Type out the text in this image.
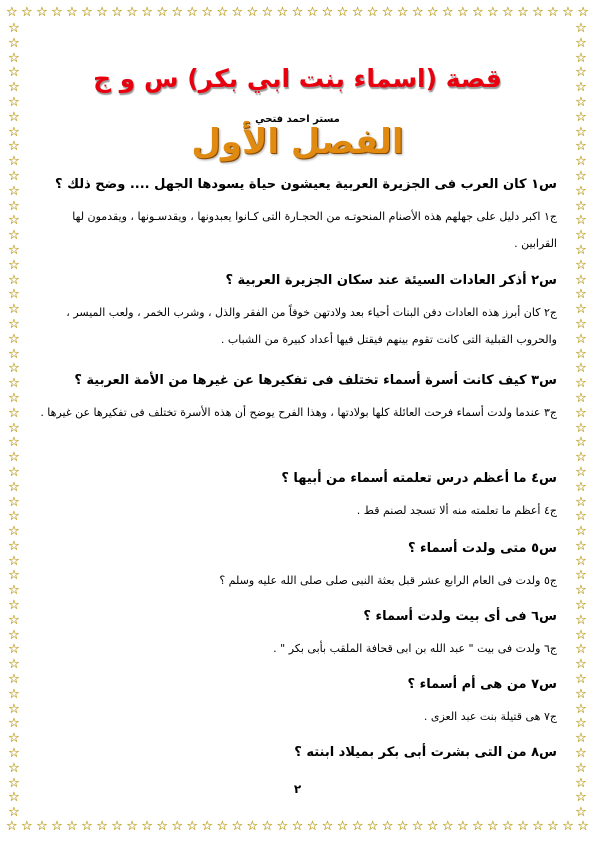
☆ ☆ ☆ ☆ ☆ ☆ ☆ ☆ ☆ ☆ ☆ ☆ ☆ ☆ ☆ ☆ ☆ ☆ ☆ ☆ ☆ ☆ ☆ ☆ ☆ ☆ ☆ ☆ ☆ ☆ ☆ ☆ ☆ ☆ ☆ ☆ ☆ ☆ ☆
☆ ☆ ☆ ☆ ☆ ☆ ☆ ☆ ☆ ☆ ☆ ☆ ☆ ☆ ☆ ☆ ☆ ☆ ☆ ☆ ☆ ☆ ☆ ☆ ☆ ☆ ☆ ☆ ☆ ☆ ☆ ☆ ☆ ☆ ☆ ☆ ☆ ☆ ☆
☆
☆
☆
☆
☆
☆
☆
☆
☆
☆
☆
☆
☆
☆
☆
☆
☆
☆
☆
☆
☆
☆
☆
☆
☆
☆
☆
☆
☆
☆
☆
☆
☆
☆
☆
☆
☆
☆
☆
☆
☆
☆
☆
☆
☆
☆
☆
☆
☆
☆
☆
☆
☆
☆
☆
☆
☆
☆
☆
☆
☆
☆
☆
☆
☆
☆
☆
☆
☆
☆
☆
☆
☆
☆
☆
☆
☆
☆
☆
☆
☆
☆
☆
☆
☆
☆
☆
☆
☆
☆
☆
☆
☆
☆
☆
☆
☆
☆
☆
☆
☆
☆
☆
☆
☆
☆
☆
☆
قصة (اسماء بنت ابي بكر) س و ج
مستر احمد فتحي
الفصل الأول
س١ كان العرب فى الجزيرة العربية يعيشون حياة يسودها الجهل .... وضح ذلك ؟
ج١ اكبر دليل على جهلهم هذه الأصنام المنحوتـه من الحجـارة التى كـانوا يعبدونها ، ويقدسـونها ، ويقدمون لها القرابين .
س٢ أذكر العادات السيئة عند سكان الجزيرة العربية ؟
ج٢ كان أبرز هذه العادات دفن البنات أحياء بعد ولادتهن خوفاً من الفقر والذل ، وشرب الخمر ، ولعب الميسر ، والحروب القبلية التى كانت تقوم بينهم فيقتل فيها أعداد كبيرة من الشباب .
س٣ كيف كانت أسرة أسماء تختلف فى تفكيرها عن غيرها من الأمة العربية ؟
ج٣ عندما ولدت أسماء فرحت العائلة كلها بولادتها ، وهذا الفرح يوضح أن هذه الأسرة تختلف فى تفكيرها عن غيرها .
س٤ ما أعظم درس تعلمته أسماء من أبيها ؟
ج٤ أعظم ما تعلمته منه ألا تسجد لصنم قط .
س٥ متى ولدت أسماء ؟
ج٥ ولدت فى العام الرابع عشر قبل بعثة النبى صلى صلى الله عليه وسلم ؟
س٦ فى أى بيت ولدت أسماء ؟
ج٦ ولدت فى بيت " عبد الله بن ابى قحافة الملقب بأبى بكر " .
س٧ من هى أم أسماء ؟
ج٧ هى قتيلة بنت عبد العزى .
س٨ من التى بشرت أبى بكر بميلاد ابنته ؟
٢
